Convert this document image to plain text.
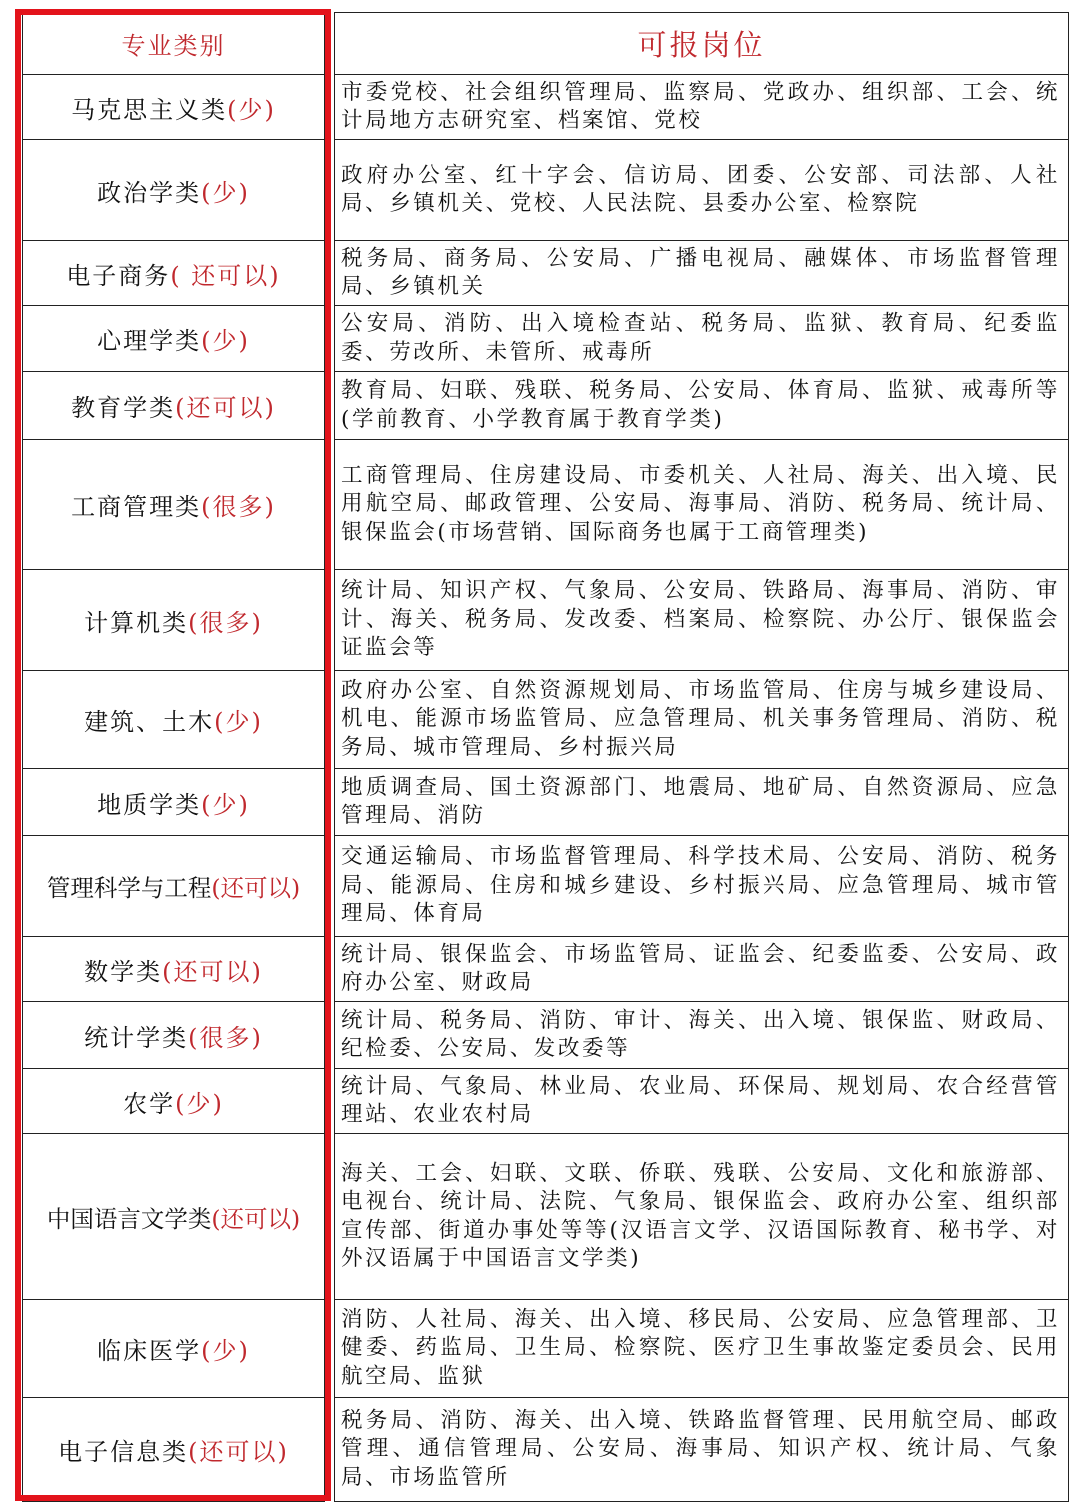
专业类别		可报岗位
马克思主义类(少)		市委党校、社会组织管理局、监察局、党政办、组织部、工会、统计局地方志研究室、档案馆、党校
政治学类(少)		政府办公室、红十字会、信访局、团委、公安部、司法部、人社局、乡镇机关、党校、人民法院、县委办公室、检察院
电子商务( 还可以)		税务局、商务局、公安局、广播电视局、融媒体、市场监督管理局、乡镇机关
心理学类(少)		公安局、消防、出入境检查站、税务局、监狱、教育局、纪委监委、劳改所、未管所、戒毒所
教育学类(还可以)		教育局、妇联、残联、税务局、公安局、体育局、监狱、戒毒所等(学前教育、小学教育属于教育学类)
工商管理类(很多)		工商管理局、住房建设局、市委机关、人社局、海关、出入境、民用航空局、邮政管理、公安局、海事局、消防、税务局、统计局、银保监会(市场营销、国际商务也属于工商管理类)
计算机类(很多)		统计局、知识产权、气象局、公安局、铁路局、海事局、消防、审计、海关、税务局、发改委、档案局、检察院、办公厅、银保监会证监会等
建筑、土木(少)		政府办公室、自然资源规划局、市场监管局、住房与城乡建设局、机电、能源市场监管局、应急管理局、机关事务管理局、消防、税务局、城市管理局、乡村振兴局
地质学类(少)		地质调查局、国土资源部门、地震局、地矿局、自然资源局、应急管理局、消防
管理科学与工程(还可以)		交通运输局、市场监督管理局、科学技术局、公安局、消防、税务局、能源局、住房和城乡建设、乡村振兴局、应急管理局、城市管理局、体育局
数学类(还可以)		统计局、银保监会、市场监管局、证监会、纪委监委、公安局、政府办公室、财政局
统计学类(很多)		统计局、税务局、消防、审计、海关、出入境、银保监、财政局、纪检委、公安局、发改委等
农学(少)		统计局、气象局、林业局、农业局、环保局、规划局、农合经营管理站、农业农村局
中国语言文学类(还可以)		海关、工会、妇联、文联、侨联、残联、公安局、文化和旅游部、电视台、统计局、法院、气象局、银保监会、政府办公室、组织部宣传部、街道办事处等等(汉语言文学、汉语国际教育、秘书学、对外汉语属于中国语言文学类)
临床医学(少)		消防、人社局、海关、出入境、移民局、公安局、应急管理部、卫健委、药监局、卫生局、检察院、医疗卫生事故鉴定委员会、民用航空局、监狱
电子信息类(还可以)		税务局、消防、海关、出入境、铁路监督管理、民用航空局、邮政管理、通信管理局、公安局、海事局、知识产权、统计局、气象局、市场监管所
